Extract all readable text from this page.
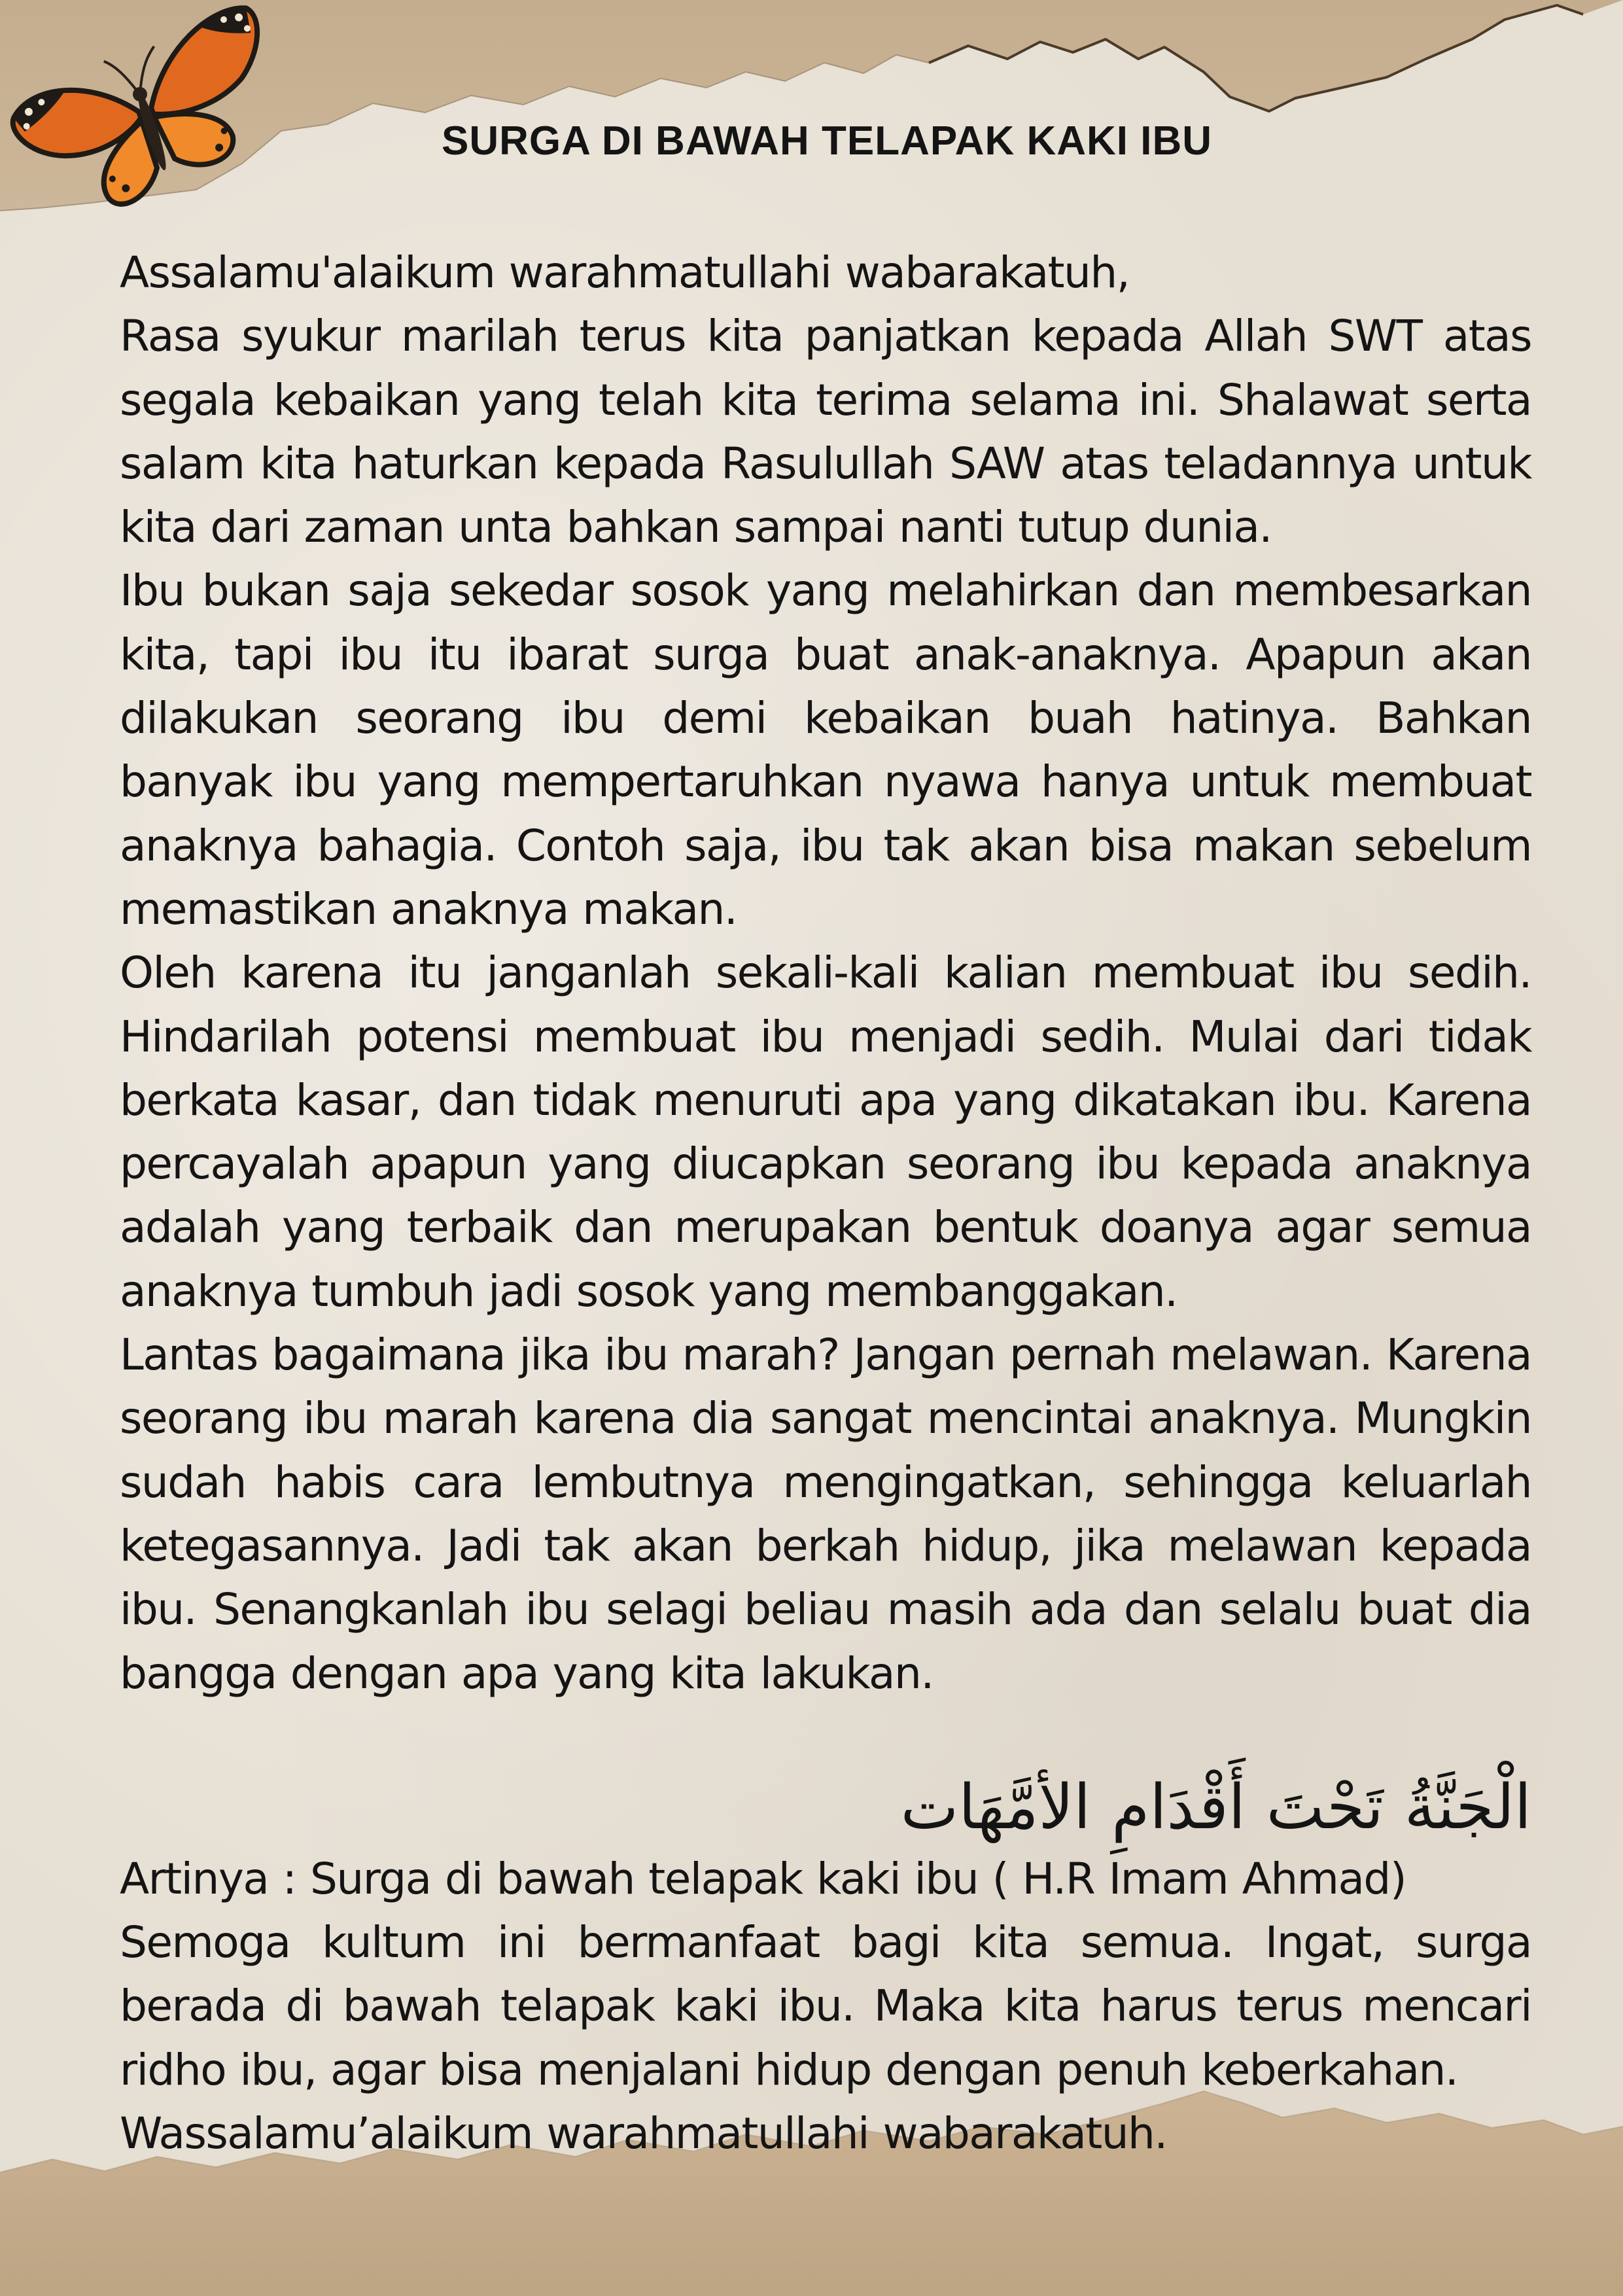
SURGA DI BAWAH TELAPAK KAKI IBU

Assalamu'alaikum warahmatullahi wabarakatuh,

Rasa syukur marilah terus kita panjatkan kepada Allah SWT atas segala kebaikan yang telah kita terima selama ini. Shalawat serta salam kita haturkan kepada Rasulullah SAW atas teladannya untuk kita dari zaman unta bahkan sampai nanti tutup dunia.

Ibu bukan saja sekedar sosok yang melahirkan dan membesarkan kita, tapi ibu itu ibarat surga buat anak-anaknya. Apapun akan dilakukan seorang ibu demi kebaikan buah hatinya. Bahkan banyak ibu yang mempertaruhkan nyawa hanya untuk membuat anaknya bahagia. Contoh saja, ibu tak akan bisa makan sebelum memastikan anaknya makan.

Oleh karena itu janganlah sekali-kali kalian membuat ibu sedih. Hindarilah potensi membuat ibu menjadi sedih. Mulai dari tidak berkata kasar, dan tidak menuruti apa yang dikatakan ibu. Karena percayalah apapun yang diucapkan seorang ibu kepada anaknya adalah yang terbaik dan merupakan bentuk doanya agar semua anaknya tumbuh jadi sosok yang membanggakan.

Lantas bagaimana jika ibu marah? Jangan pernah melawan. Karena seorang ibu marah karena dia sangat mencintai anaknya. Mungkin sudah habis cara lembutnya mengingatkan, sehingga keluarlah ketegasannya. Jadi tak akan berkah hidup, jika melawan kepada ibu. Senangkanlah ibu selagi beliau masih ada dan selalu buat dia bangga dengan apa yang kita lakukan.

الْجَنَّةُ تَحْتَ أَقْدَامِ الأمَّهَات

Artinya : Surga di bawah telapak kaki ibu ( H.R Imam Ahmad)

Semoga kultum ini bermanfaat bagi kita semua. Ingat, surga berada di bawah telapak kaki ibu. Maka kita harus terus mencari ridho ibu, agar bisa menjalani hidup dengan penuh keberkahan.

Wassalamu’alaikum warahmatullahi wabarakatuh.
